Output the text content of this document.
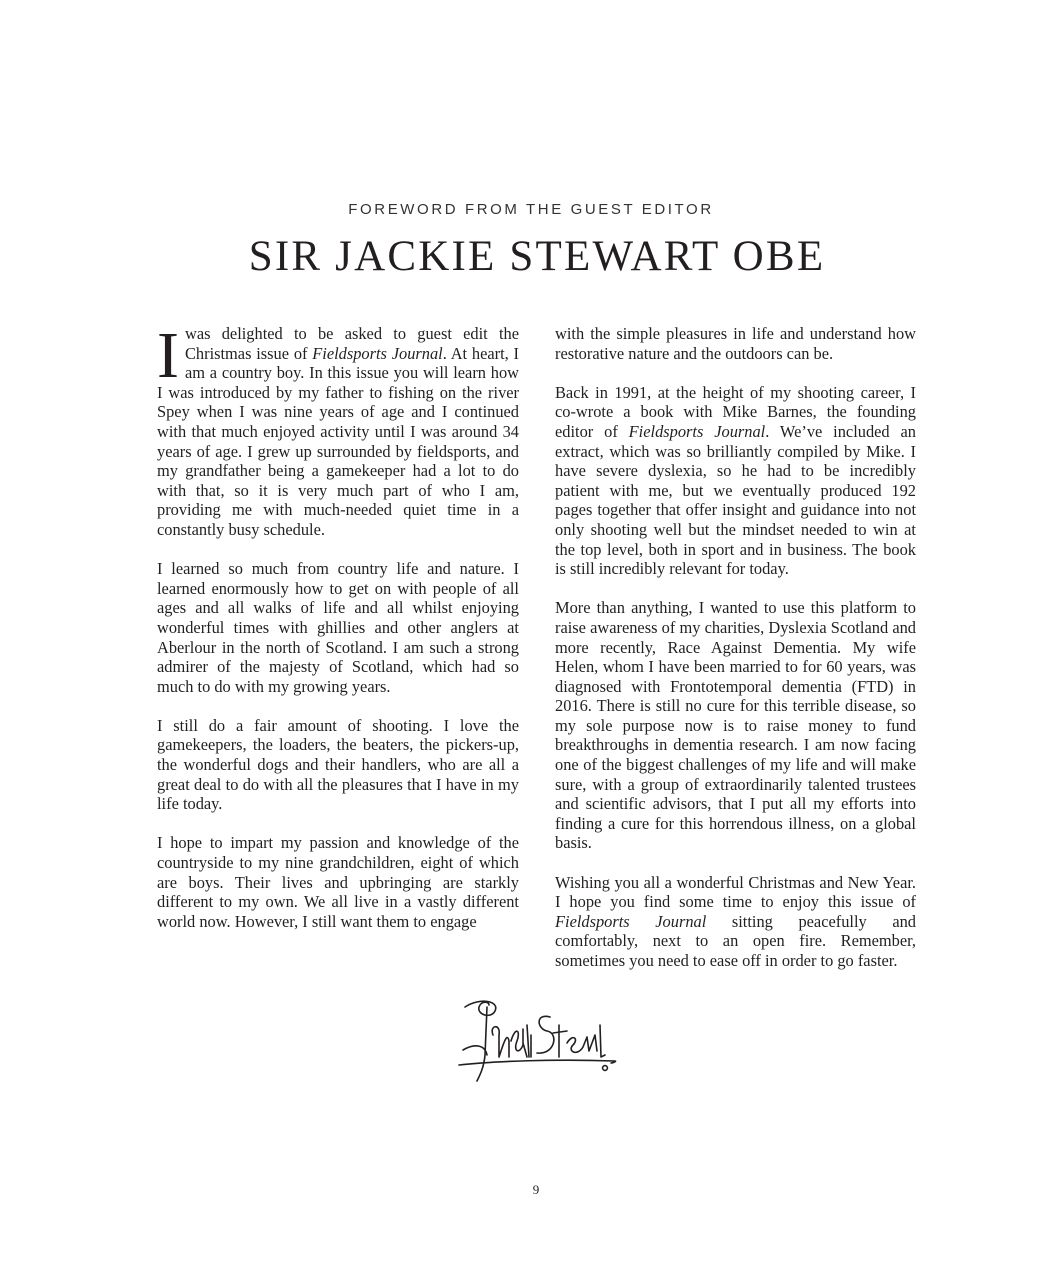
FOREWORD FROM THE GUEST EDITOR
SIR JACKIE STEWART OBE

Iwas delighted to be asked to guest edit the Christmas issue of Fieldsports Journal. At heart, I am a country boy. In this issue you will learn how I was introduced by my father to fishing on the river Spey when I was nine years of age and I continued with that much enjoyed activity until I was around 34 years of age. I grew up surrounded by fieldsports, and my grandfather being a gamekeeper had a lot to do with that, so it is very much part of who I am, providing me with much-needed quiet time in a constantly busy schedule.

I learned so much from country life and nature. I learned enormously how to get on with people of all ages and all walks of life and all whilst enjoying wonderful times with ghillies and other anglers at Aberlour in the north of Scotland. I am such a strong admirer of the majesty of Scotland, which had so much to do with my growing years.

I still do a fair amount of shooting. I love the gamekeepers, the loaders, the beaters, the pickers-up, the wonderful dogs and their handlers, who are all a great deal to do with all the pleasures that I have in my life today.

I hope to impart my passion and knowledge of the countryside to my nine grandchildren, eight of which are boys. Their lives and upbringing are starkly different to my own. We all live in a vastly different world now. However, I still want them to engage

with the simple pleasures in life and understand how restorative nature and the outdoors can be.

Back in 1991, at the height of my shooting career, I co-wrote a book with Mike Barnes, the founding editor of Fieldsports Journal. We’ve included an extract, which was so brilliantly compiled by Mike. I have severe dyslexia, so he had to be incredibly patient with me, but we eventually produced 192 pages together that offer insight and guidance into not only shooting well but the mindset needed to win at the top level, both in sport and in business. The book is still incredibly relevant for today.

More than anything, I wanted to use this platform to raise awareness of my charities, Dyslexia Scotland and more recently, Race Against Dementia. My wife Helen, whom I have been married to for 60 years, was diagnosed with Frontotemporal dementia (FTD) in 2016. There is still no cure for this terrible disease, so my sole purpose now is to raise money to fund breakthroughs in dementia research. I am now facing one of the biggest challenges of my life and will make sure, with a group of extraordinarily talented trustees and scientific advisors, that I put all my efforts into finding a cure for this horrendous illness, on a global basis.

Wishing you all a wonderful Christmas and New Year. I hope you find some time to enjoy this issue of Fieldsports Journal sitting peacefully and comfortably, next to an open fire. Remember, sometimes you need to ease off in order to go faster.

9
